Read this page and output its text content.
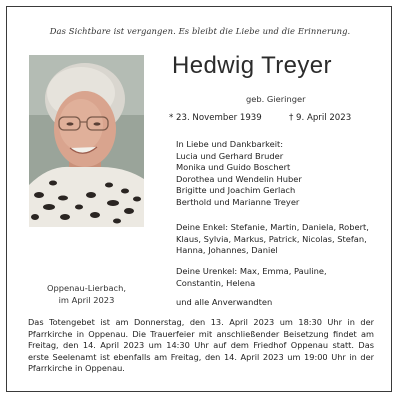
Das Sichtbare ist vergangen. Es bleibt die Liebe und die Erinnerung.
Oppenau-Lierbach,
im April 2023
Hedwig Treyer
geb. Gieringer
* 23. November 1939	† 9. April 2023
In Liebe und Dankbarkeit:
Lucia und Gerhard Bruder
Monika und Guido Boschert
Dorothea und Wendelin Huber
Brigitte und Joachim Gerlach
Berthold und Marianne Treyer
Deine Enkel: Stefanie, Martin, Daniela, Robert,
Klaus, Sylvia, Markus, Patrick, Nicolas, Stefan,
Hanna, Johannes, Daniel
Deine Urenkel: Max, Emma, Pauline,
Constantin, Helena
und alle Anverwandten
Das Totengebet ist am Donnerstag, den 13. April 2023 um 18:30 Uhr in der Pfarrkirche in Oppenau. Die Trauerfeier mit anschließender Beisetzung findet am Freitag, den 14. April 2023 um 14:30 Uhr auf dem Friedhof Oppenau statt. Das erste Seelenamt ist ebenfalls am Freitag, den 14. April 2023 um 19:00 Uhr in der Pfarrkirche in Oppenau.
